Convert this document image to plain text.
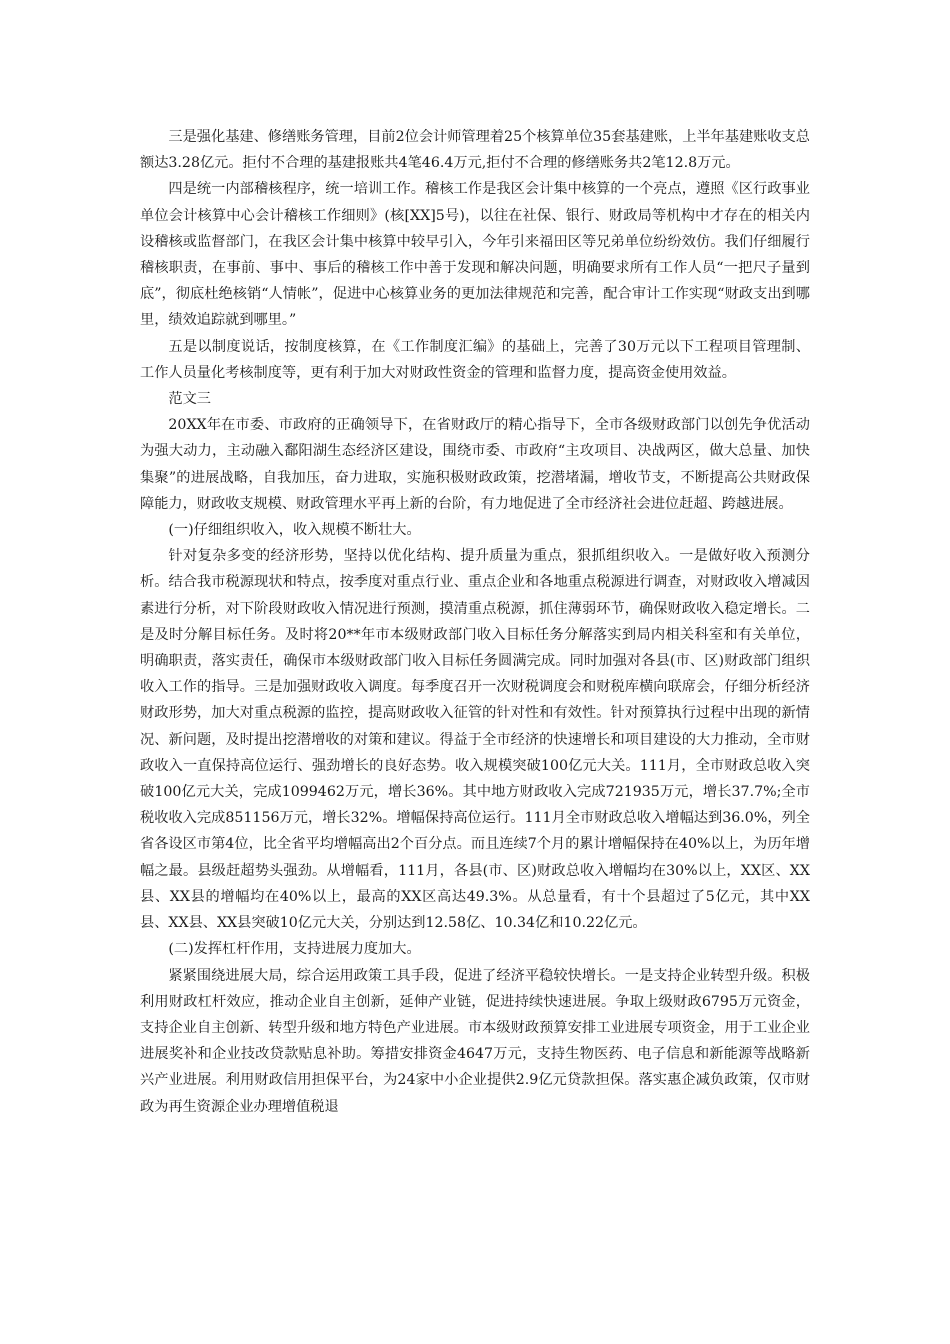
三是强化基建、修缮账务管理，目前2位会计师管理着25个核算单位35套基建账，上半年基建账收支总额达3.28亿元。拒付不合理的基建报账共4笔46.4万元,拒付不合理的修缮账务共2笔12.8万元。

四是统一内部稽核程序，统一培训工作。稽核工作是我区会计集中核算的一个亮点，遵照《区行政事业单位会计核算中心会计稽核工作细则》(核[XX]5号)，以往在社保、银行、财政局等机构中才存在的相关内设稽核或监督部门，在我区会计集中核算中较早引入，今年引来福田区等兄弟单位纷纷效仿。我们仔细履行稽核职责，在事前、事中、事后的稽核工作中善于发现和解决问题，明确要求所有工作人员“一把尺子量到底”，彻底杜绝核销“人情帐”，促进中心核算业务的更加法律规范和完善，配合审计工作实现“财政支出到哪里，绩效追踪就到哪里。”

五是以制度说话，按制度核算，在《工作制度汇编》的基础上，完善了30万元以下工程项目管理制、工作人员量化考核制度等，更有利于加大对财政性资金的管理和监督力度，提高资金使用效益。

范文三

20XX年在市委、市政府的正确领导下，在省财政厅的精心指导下，全市各级财政部门以创先争优活动为强大动力，主动融入鄱阳湖生态经济区建设，围绕市委、市政府“主攻项目、决战两区，做大总量、加快集聚”的进展战略，自我加压，奋力进取，实施积极财政政策，挖潜堵漏，增收节支，不断提高公共财政保障能力，财政收支规模、财政管理水平再上新的台阶，有力地促进了全市经济社会进位赶超、跨越进展。

(一)仔细组织收入，收入规模不断壮大。

针对复杂多变的经济形势，坚持以优化结构、提升质量为重点，狠抓组织收入。一是做好收入预测分析。结合我市税源现状和特点，按季度对重点行业、重点企业和各地重点税源进行调查，对财政收入增减因素进行分析，对下阶段财政收入情况进行预测，摸清重点税源，抓住薄弱环节，确保财政收入稳定增长。二是及时分解目标任务。及时将20**年市本级财政部门收入目标任务分解落实到局内相关科室和有关单位，明确职责，落实责任，确保市本级财政部门收入目标任务圆满完成。同时加强对各县(市、区)财政部门组织收入工作的指导。三是加强财政收入调度。每季度召开一次财税调度会和财税库横向联席会，仔细分析经济财政形势，加大对重点税源的监控，提高财政收入征管的针对性和有效性。针对预算执行过程中出现的新情况、新问题，及时提出挖潜增收的对策和建议。得益于全市经济的快速增长和项目建设的大力推动，全市财政收入一直保持高位运行、强劲增长的良好态势。收入规模突破100亿元大关。111月，全市财政总收入突破100亿元大关，完成1099462万元，增长36%。其中地方财政收入完成721935万元，增长37.7%;全市税收收入完成851156万元，增长32%。增幅保持高位运行。111月全市财政总收入增幅达到36.0%，列全省各设区市第4位，比全省平均增幅高出2个百分点。而且连续7个月的累计增幅保持在40%以上，为历年增幅之最。县级赶超势头强劲。从增幅看，111月，各县(市、区)财政总收入增幅均在30%以上，XX区、XX县、XX县的增幅均在40%以上，最高的XX区高达49.3%。从总量看，有十个县超过了5亿元，其中XX县、XX县、XX县突破10亿元大关，分别达到12.58亿、10.34亿和10.22亿元。

(二)发挥杠杆作用，支持进展力度加大。

紧紧围绕进展大局，综合运用政策工具手段，促进了经济平稳较快增长。一是支持企业转型升级。积极利用财政杠杆效应，推动企业自主创新，延伸产业链，促进持续快速进展。争取上级财政6795万元资金，支持企业自主创新、转型升级和地方特色产业进展。市本级财政预算安排工业进展专项资金，用于工业企业进展奖补和企业技改贷款贴息补助。筹措安排资金4647万元，支持生物医药、电子信息和新能源等战略新兴产业进展。利用财政信用担保平台，为24家中小企业提供2.9亿元贷款担保。落实惠企减负政策，仅市财政为再生资源企业办理增值税退
